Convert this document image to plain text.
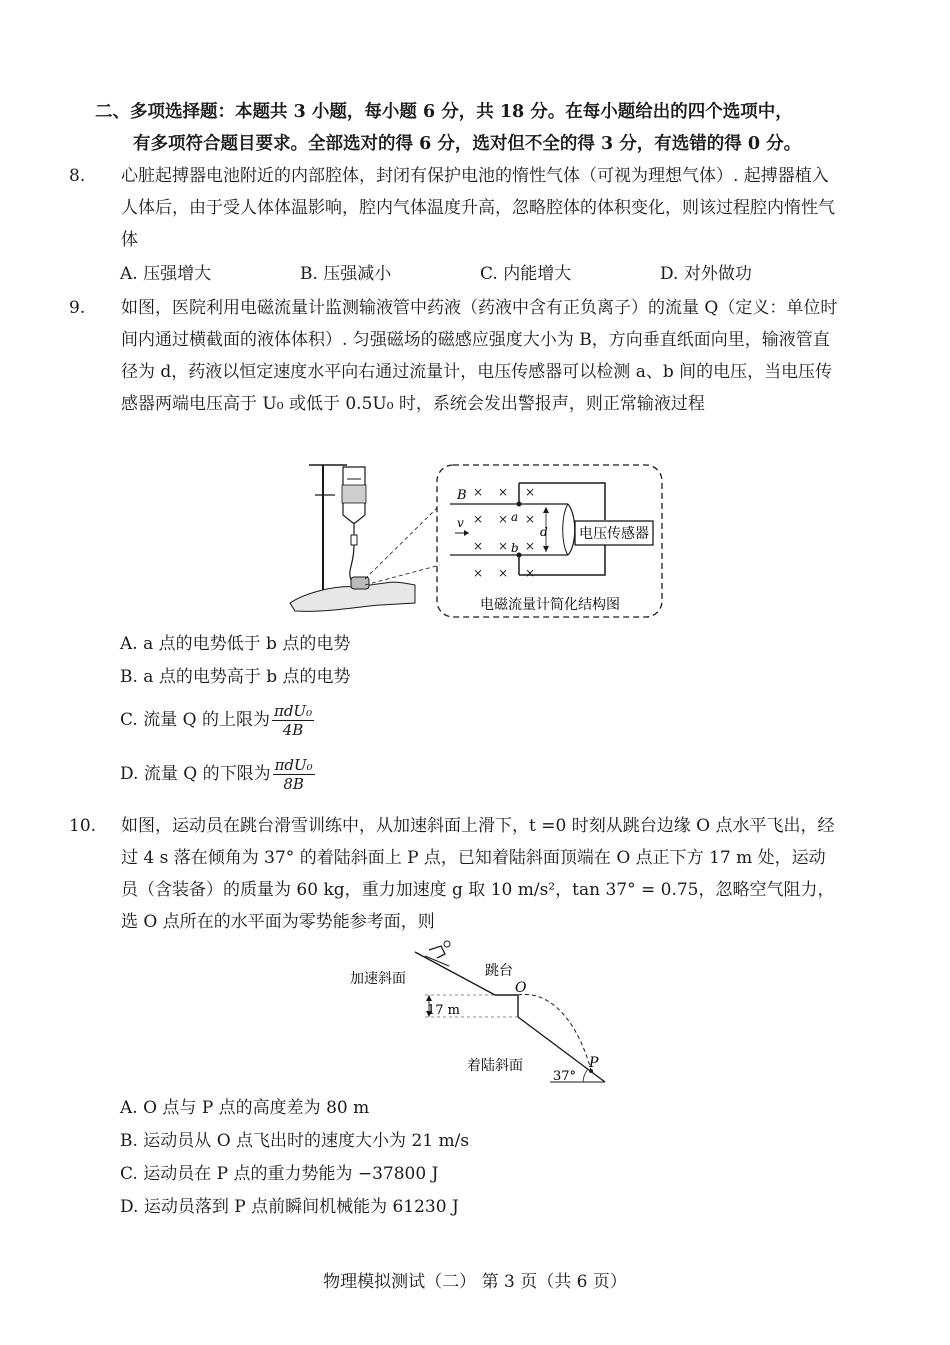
二、多项选择题：本题共 3 小题，每小题 6 分，共 18 分。在每小题给出的四个选项中，
有多项符合题目要求。全部选对的得 6 分，选对但不全的得 3 分，有选错的得 0 分。
8. 心脏起搏器电池附近的内部腔体，封闭有保护电池的惰性气体（可视为理想气体）. 起搏器植入人体后，由于受人体体温影响，腔内气体温度升高，忽略腔体的体积变化，则该过程腔内惰性气体
A. 压强增大	B. 压强减小	C. 内能增大	D. 对外做功
9. 如图，医院利用电磁流量计监测输液管中药液（药液中含有正负离子）的流量 Q（定义：单位时间内通过横截面的液体体积）. 匀强磁场的磁感应强度大小为 B，方向垂直纸面向里，输液管直径为 d，药液以恒定速度水平向右通过流量计，电压传感器可以检测 a、b 间的电压，当电压传感器两端电压高于 U₀ 或低于 0.5U₀ 时，系统会发出警报声，则正常输液过程
电压传感器
× × ×
× × ×
× × ×
× × ×
B
v	a
b
d
电磁流量计简化结构图
A. a 点的电势低于 b 点的电势
B. a 点的电势高于 b 点的电势
C. 流量 Q 的上限为 $\frac{\text{πdU₀}}{4B}$
D. 流量 Q 的下限为 $\frac{\text{πdU₀}}{8B}$
10. 如图，运动员在跳台滑雪训练中，从加速斜面上滑下，t =0 时刻从跳台边缘 O 点水平飞出，经过 4 s 落在倾角为 37° 的着陆斜面上 P 点，已知着陆斜面顶端在 O 点正下方 17 m 处，运动员（含装备）的质量为 60 kg，重力加速度 g 取 10 m/s²，tan 37° = 0.75，忽略空气阻力，选 O 点所在的水平面为零势能参考面，则
17 m
加速斜面	跳台
O
着陆斜面	P
37°
A. O 点与 P 点的高度差为 80 m
B. 运动员从 O 点飞出时的速度大小为 21 m/s
C. 运动员在 P 点的重力势能为 −37800 J
D. 运动员落到 P 点前瞬间机械能为 61230 J
物理模拟测试（二） 第 3 页（共 6 页）
